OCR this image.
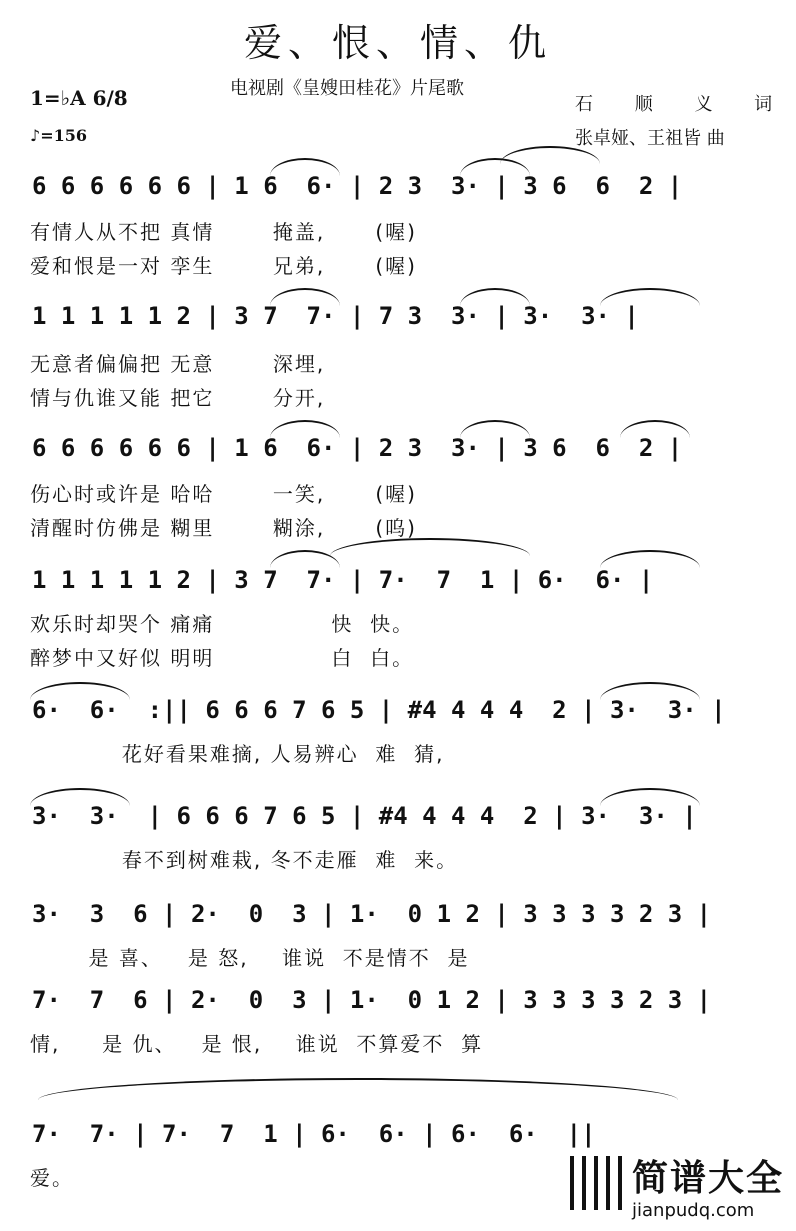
爱、恨、情、仇
电视剧《皇嫂田桂花》片尾歌
1=♭A 6/8	石 顺 义 词
♪=156	张卓娅、王祖皆 曲
6 6 6 6 6 6 | 1 6  6· | 2 3  3· | 3 6  6  2 |
有情人从不把 真情       掩盖,      (喔)
爱和恨是一对 孪生       兄弟,      (喔)
1 1 1 1 1 2 | 3 7  7· | 7 3  3· | 3·  3· |
无意者偏偏把 无意       深埋,
情与仇谁又能 把它       分开,
6 6 6 6 6 6 | 1 6  6· | 2 3  3· | 3 6  6  2 |
伤心时或许是 哈哈       一笑,      (喔)
清醒时仿佛是 糊里       糊涂,      (呜)
1 1 1 1 1 2 | 3 7  7· | 7·  7  1 | 6·  6· |
欢乐时却哭个 痛痛              快  快。
醉梦中又好似 明明              白  白。
6·  6·  :|| 6 6 6 7 6 5 | #4 4 4 4  2 | 3·  3· |
花好看果难摘, 人易辨心  难  猜,
3·  3·  | 6 6 6 7 6 5 | #4 4 4 4  2 | 3·  3· |
春不到树难栽, 冬不走雁  难  来。
3·  3  6 | 2·  0  3 | 1·  0 1 2 | 3 3 3 3 2 3 |
是 喜、   是 怒,    谁说  不是情不  是
7·  7  6 | 2·  0  3 | 1·  0 1 2 | 3 3 3 3 2 3 |
情,     是 仇、   是 恨,    谁说  不算爱不  算
7·  7· | 7·  7  1 | 6·  6· | 6·  6·  ||
爱。	简谱大全
jianpudq.com
